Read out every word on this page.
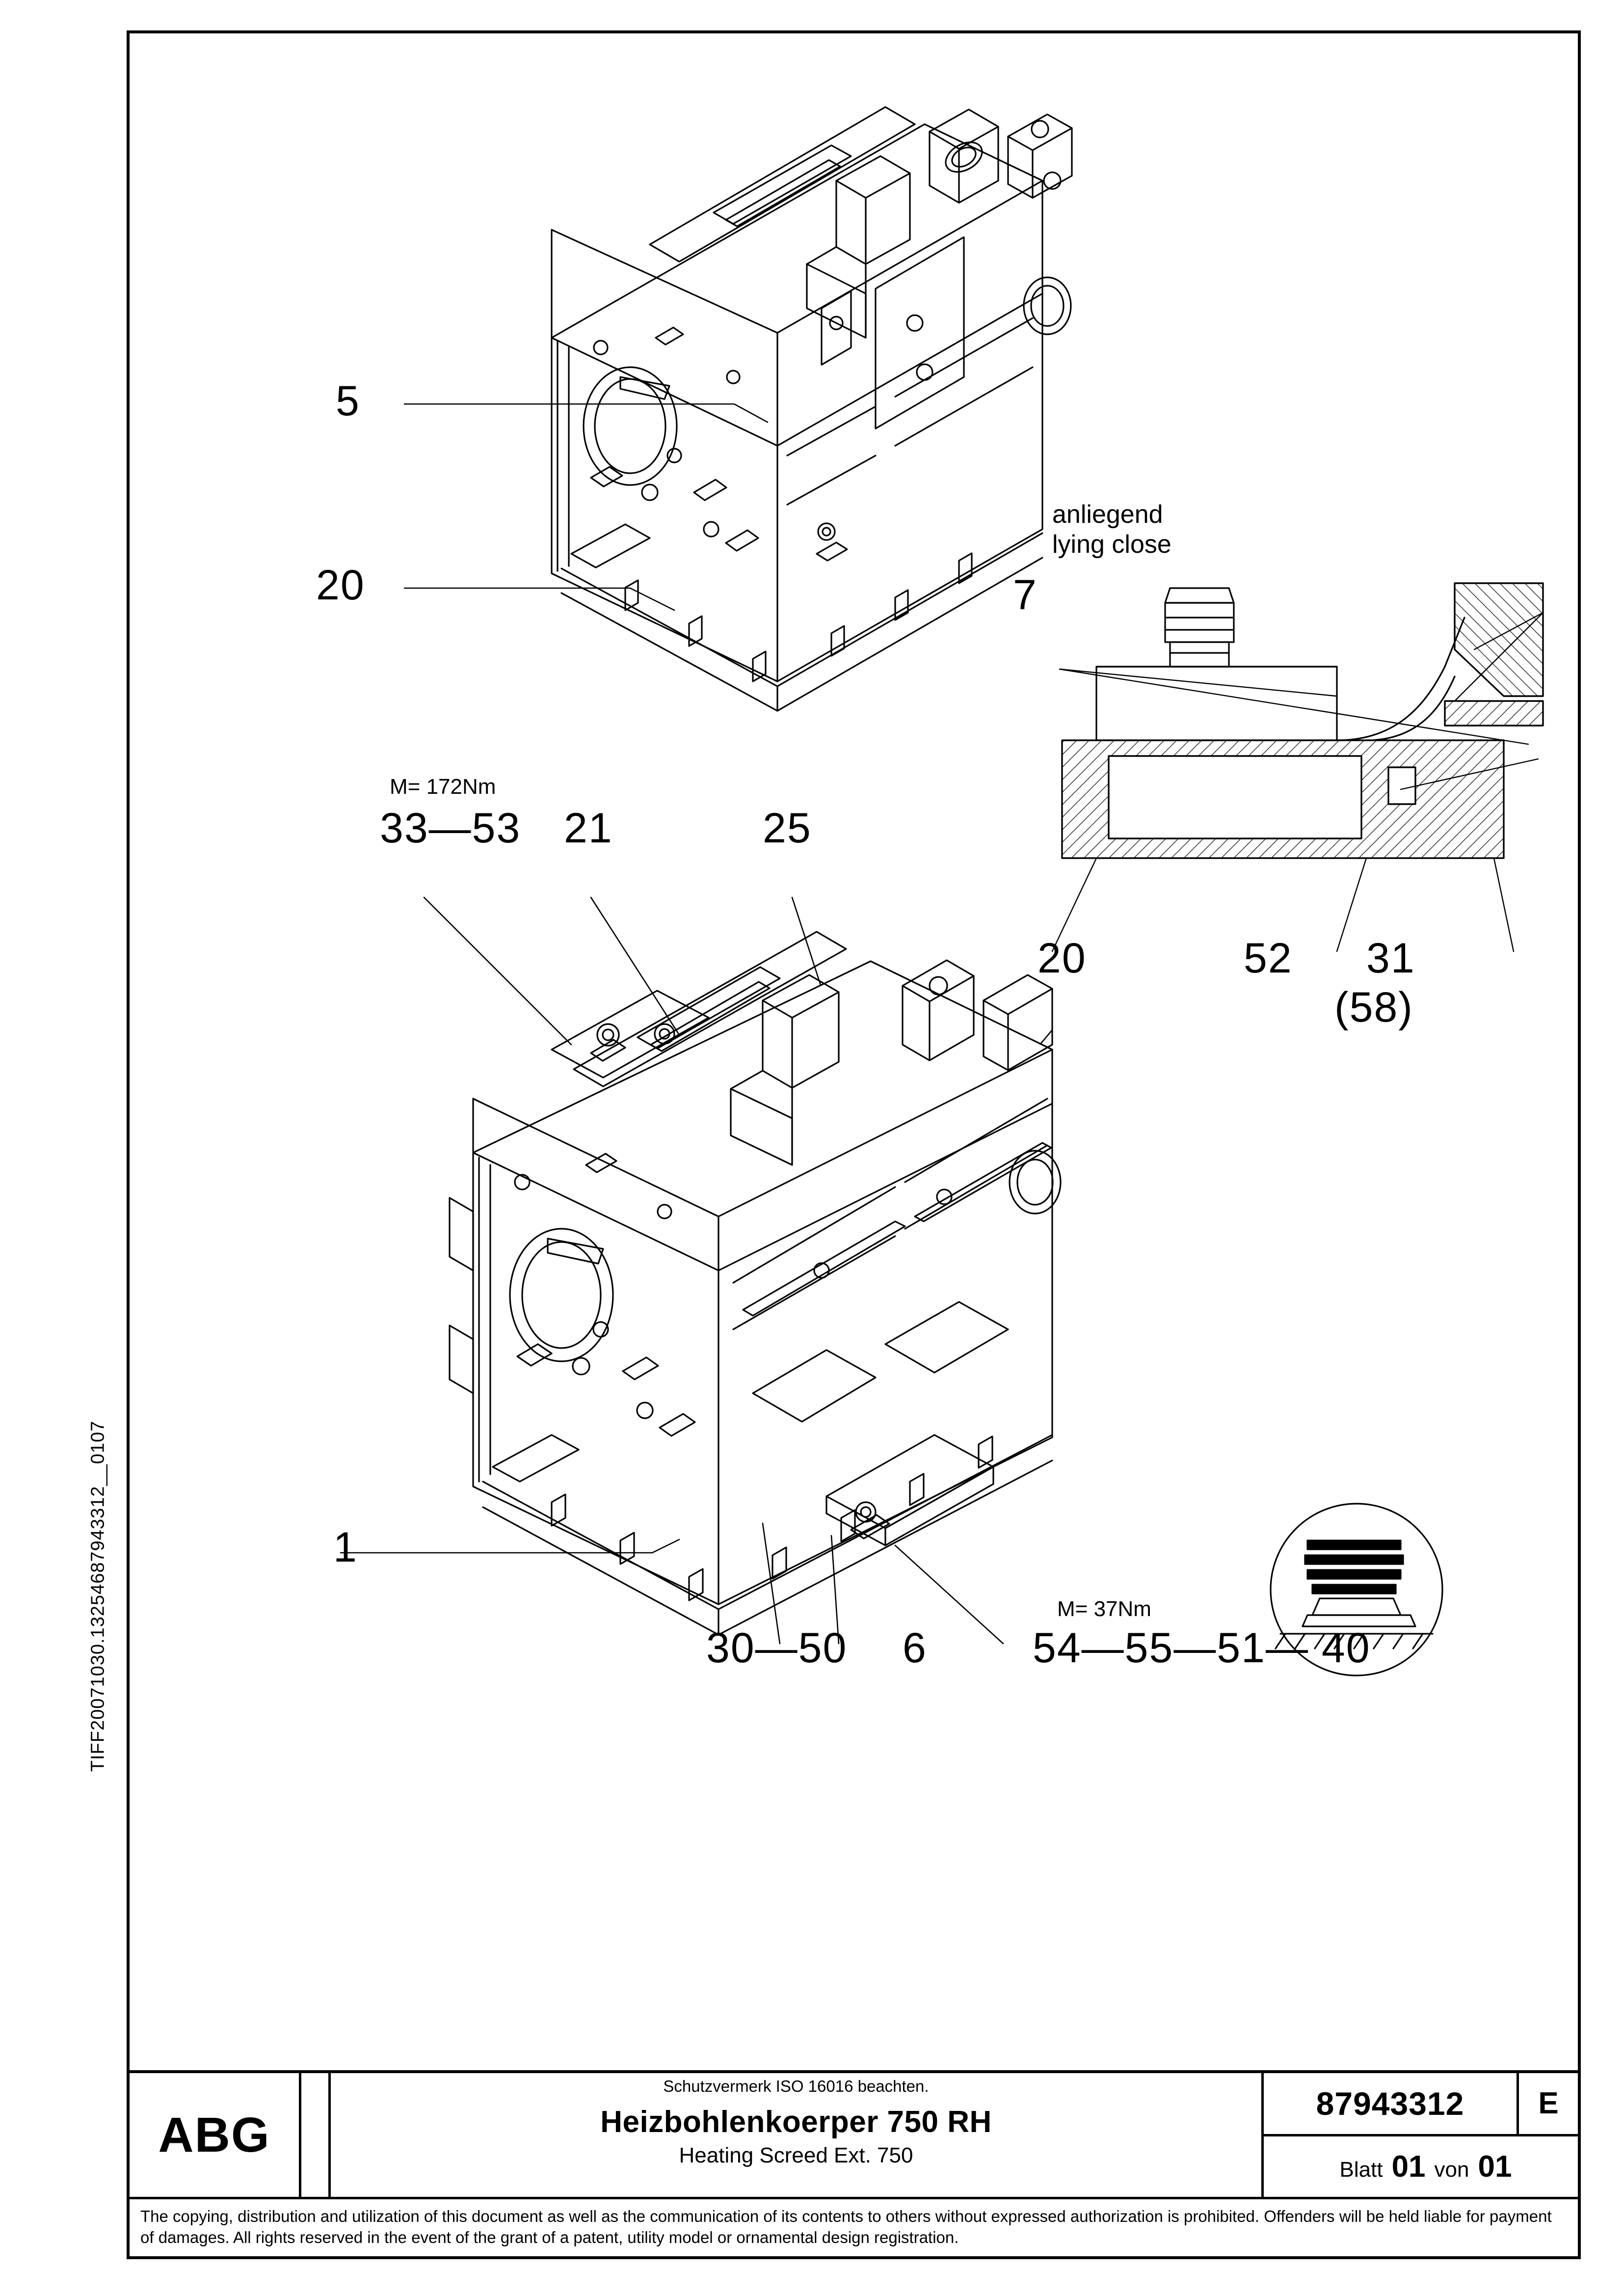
TIFF20071030.13254687943312__0107
5
20	7
anliegend
lying close
M= 172Nm
33—53 21	25
20	52 31
(58)
1
30—50 6
M= 37Nm
54—55—51— 40
ABG
Schutzvermerk ISO 16016 beachten.
Heizbohlenkoerper 750 RH
Heating Screed Ext. 750
87943312	E
Blatt 01 von 01
The copying, distribution and utilization of this document as well as the communication of its contents to others without expressed authorization is prohibited. Offenders will be held liable for payment of damages. All rights reserved in the event of the grant of a patent, utility model or ornamental design registration.
